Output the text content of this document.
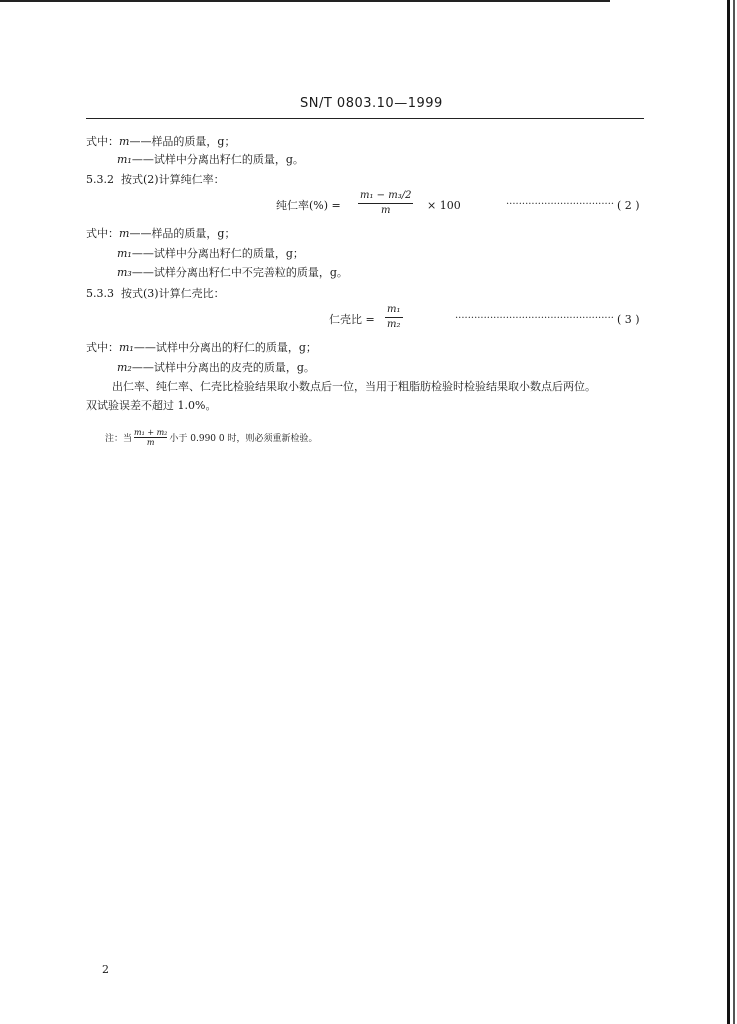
SN/T 0803.10—1999
式中：m——样品的质量，g；
m₁——试样中分离出籽仁的质量，g。
5.3.2 按式(2)计算纯仁率：
纯仁率(%) =
m₁ − m₃/2
m	× 100	·································· ( 2 )
式中：m——样品的质量，g；
m₁——试样中分离出籽仁的质量，g；
m₃——试样分离出籽仁中不完善粒的质量，g。
5.3.3 按式(3)计算仁壳比：
仁壳比 =
m₁
m₂
·················································· ( 3 )
式中：m₁——试样中分离出的籽仁的质量，g；
m₂——试样中分离出的皮壳的质量，g。
出仁率、纯仁率、仁壳比检验结果取小数点后一位，当用于粗脂肪检验时检验结果取小数点后两位。
双试验误差不超过 1.0%。
注：当
m₁ + m₂
m 小于 0.990 0 时，则必须重新检验。
2
